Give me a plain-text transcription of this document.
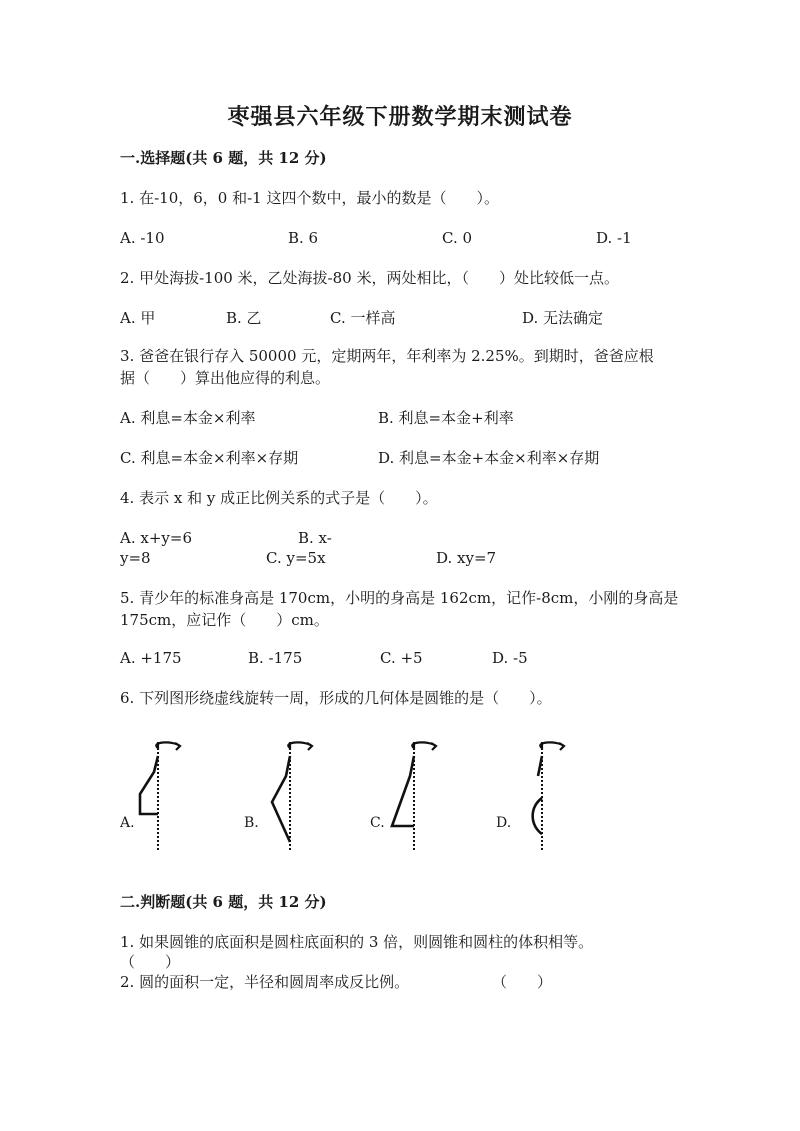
枣强县六年级下册数学期末测试卷
一.选择题(共 6 题，共 12 分)
1. 在-10，6，0 和-1 这四个数中，最小的数是（　　）。
A. -10	B. 6	C. 0	D. -1
2. 甲处海拔-100 米，乙处海拔-80 米，两处相比，（　　）处比较低一点。
A. 甲	B. 乙	C. 一样高	D. 无法确定
3. 爸爸在银行存入 50000 元，定期两年，年利率为 2.25%。到期时，爸爸应根
据（　　）算出他应得的利息。
A. 利息=本金×利率	B. 利息=本金+利率
C. 利息=本金×利率×存期	D. 利息=本金+本金×利率×存期
4. 表示 x 和 y 成正比例关系的式子是（　　）。
A. x+y=6	B. x-
y=8	C. y=5x	D. xy=7
5. 青少年的标准身高是 170cm，小明的身高是 162cm，记作-8cm，小刚的身高是
175cm，应记作（　　）cm。
A. +175	B. -175	C. +5	D. -5
6. 下列图形绕虚线旋转一周，形成的几何体是圆锥的是（　　）。
A.	B.	C.	D.
二.判断题(共 6 题，共 12 分)
1. 如果圆锥的底面积是圆柱底面积的 3 倍，则圆锥和圆柱的体积相等。
（　　）
2. 圆的面积一定，半径和圆周率成反比例。	（　　）
